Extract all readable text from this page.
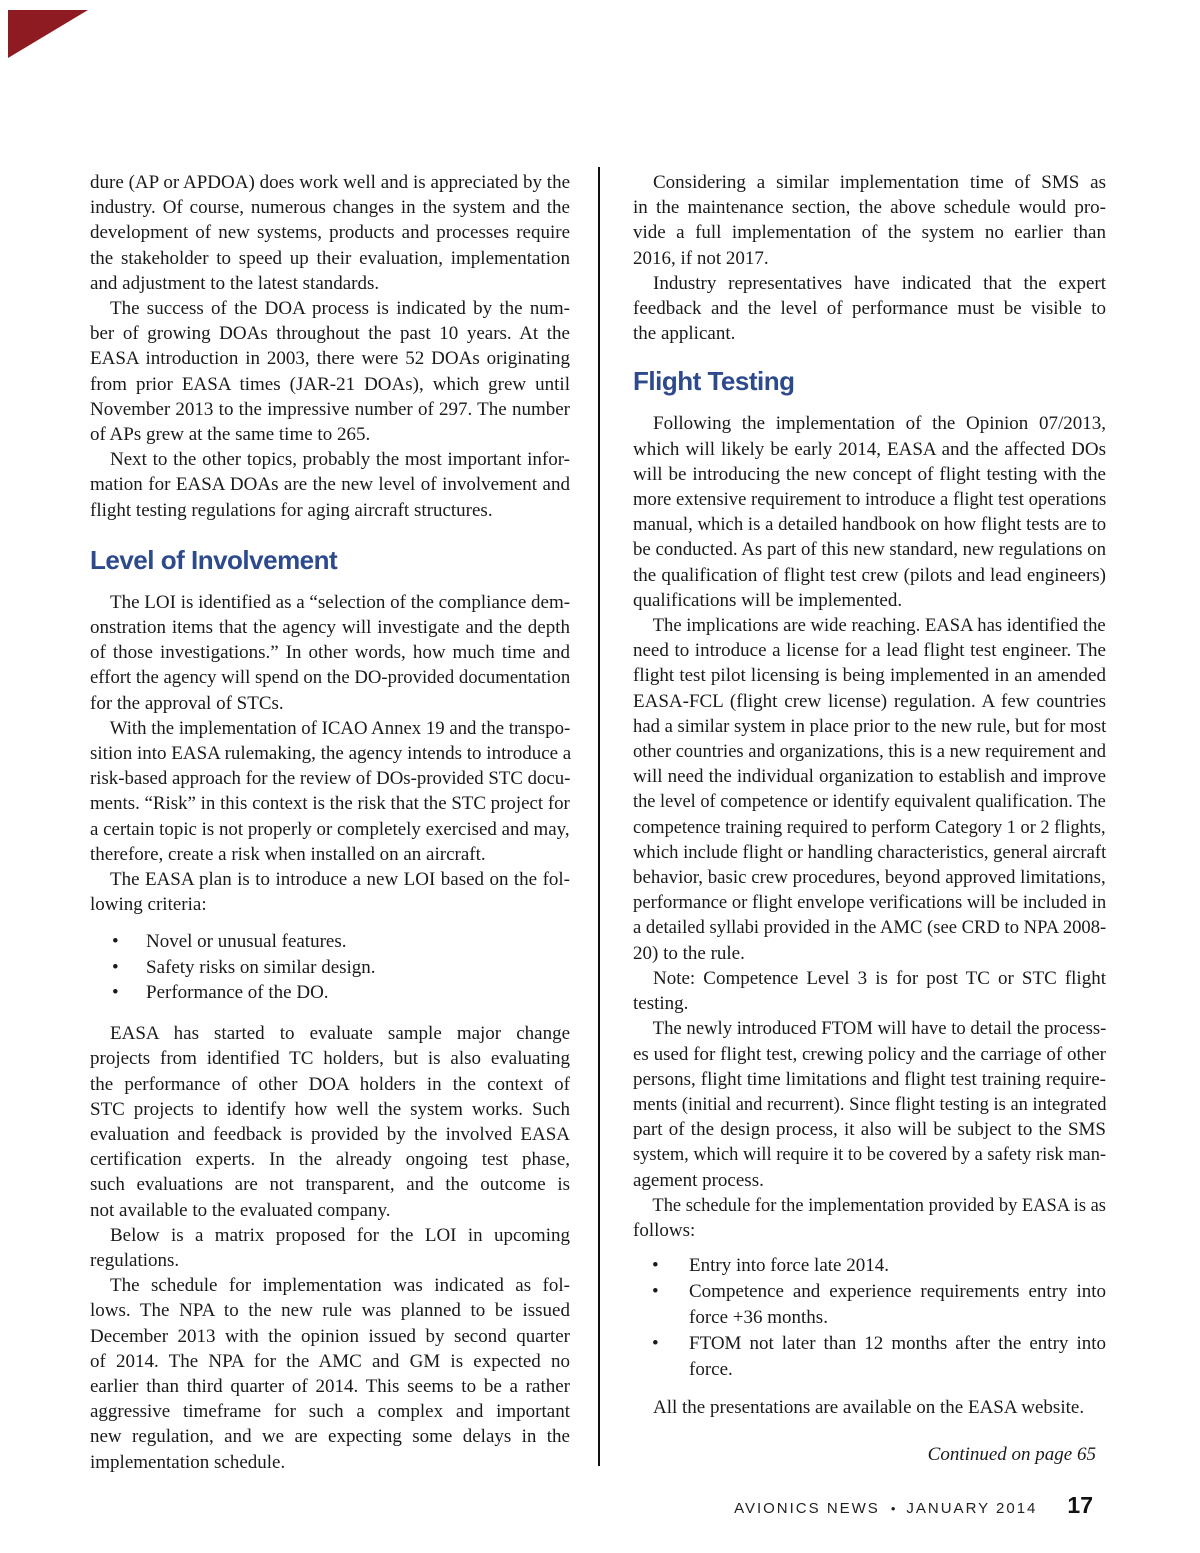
dure (AP or APDOA) does work well and is appreciated by the
industry. Of course, numerous changes in the system and the
development of new systems, products and processes require
the stakeholder to speed up their evaluation, implementation
and adjustment to the latest standards.
The success of the DOA process is indicated by the num-
ber of growing DOAs throughout the past 10 years. At the
EASA introduction in 2003, there were 52 DOAs originating
from prior EASA times (JAR-21 DOAs), which grew until
November 2013 to the impressive number of 297. The number
of APs grew at the same time to 265.
Next to the other topics, probably the most important infor-
mation for EASA DOAs are the new level of involvement and
flight testing regulations for aging aircraft structures.
Level of Involvement
The LOI is identified as a “selection of the compliance dem-
onstration items that the agency will investigate and the depth
of those investigations.” In other words, how much time and
effort the agency will spend on the DO-provided documentation
for the approval of STCs.
With the implementation of ICAO Annex 19 and the transpo-
sition into EASA rulemaking, the agency intends to introduce a
risk-based approach for the review of DOs-provided STC docu-
ments. “Risk” in this context is the risk that the STC project for
a certain topic is not properly or completely exercised and may,
therefore, create a risk when installed on an aircraft.
The EASA plan is to introduce a new LOI based on the fol-
lowing criteria:
• Novel or unusual features.
• Safety risks on similar design.
• Performance of the DO.
EASA has started to evaluate sample major change
projects from identified TC holders, but is also evaluating
the performance of other DOA holders in the context of
STC projects to identify how well the system works. Such
evaluation and feedback is provided by the involved EASA
certification experts. In the already ongoing test phase,
such evaluations are not transparent, and the outcome is
not available to the evaluated company.
Below is a matrix proposed for the LOI in upcoming
regulations.
The schedule for implementation was indicated as fol-
lows. The NPA to the new rule was planned to be issued
December 2013 with the opinion issued by second quarter
of 2014. The NPA for the AMC and GM is expected no
earlier than third quarter of 2014. This seems to be a rather
aggressive timeframe for such a complex and important
new regulation, and we are expecting some delays in the
implementation schedule.
Considering a similar implementation time of SMS as
in the maintenance section, the above schedule would pro-
vide a full implementation of the system no earlier than
2016, if not 2017.
Industry representatives have indicated that the expert
feedback and the level of performance must be visible to
the applicant.
Flight Testing
Following the implementation of the Opinion 07/2013,
which will likely be early 2014, EASA and the affected DOs
will be introducing the new concept of flight testing with the
more extensive requirement to introduce a flight test operations
manual, which is a detailed handbook on how flight tests are to
be conducted. As part of this new standard, new regulations on
the qualification of flight test crew (pilots and lead engineers)
qualifications will be implemented.
The implications are wide reaching. EASA has identified the
need to introduce a license for a lead flight test engineer. The
flight test pilot licensing is being implemented in an amended
EASA-FCL (flight crew license) regulation. A few countries
had a similar system in place prior to the new rule, but for most
other countries and organizations, this is a new requirement and
will need the individual organization to establish and improve
the level of competence or identify equivalent qualification. The
competence training required to perform Category 1 or 2 flights,
which include flight or handling characteristics, general aircraft
behavior, basic crew procedures, beyond approved limitations,
performance or flight envelope verifications will be included in
a detailed syllabi provided in the AMC (see CRD to NPA 2008-
20) to the rule.
Note: Competence Level 3 is for post TC or STC flight
testing.
The newly introduced FTOM will have to detail the process-
es used for flight test, crewing policy and the carriage of other
persons, flight time limitations and flight test training require-
ments (initial and recurrent). Since flight testing is an integrated
part of the design process, it also will be subject to the SMS
system, which will require it to be covered by a safety risk man-
agement process.
The schedule for the implementation provided by EASA is as
follows:
• Entry into force late 2014.
• Competence and experience requirements entry into
force +36 months.
• FTOM not later than 12 months after the entry into
force.
All the presentations are available on the EASA website.
Continued on page 65
AVIONICS NEWS • JANUARY 2014 17
